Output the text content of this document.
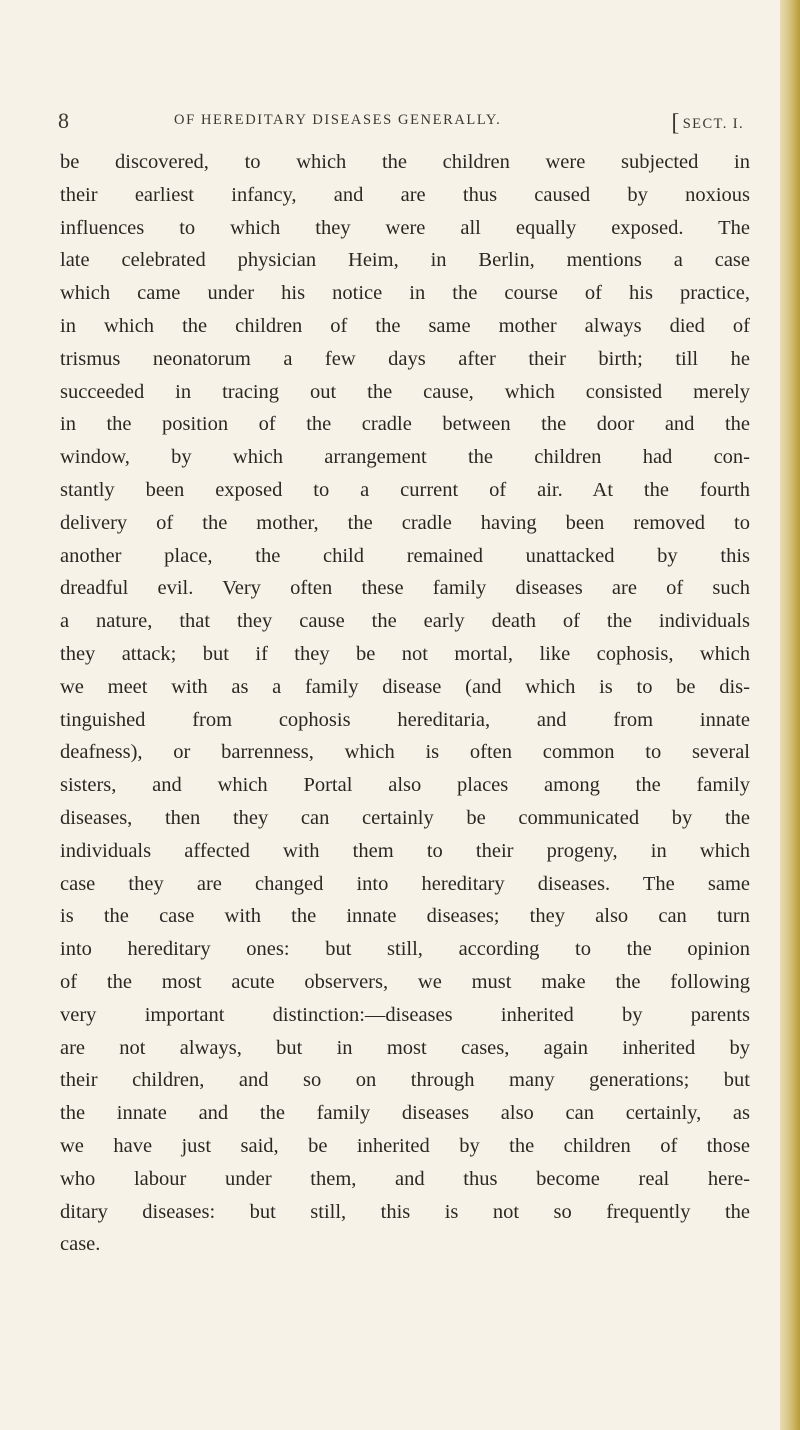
8	OF HEREDITARY DISEASES GENERALLY.	[ SECT. I.
be discovered, to which the children were subjected in
their earliest infancy, and are thus caused by noxious
influences to which they were all equally exposed. The
late celebrated physician Heim, in Berlin, mentions a case
which came under his notice in the course of his practice,
in which the children of the same mother always died of
trismus neonatorum a few days after their birth; till he
succeeded in tracing out the cause, which consisted merely
in the position of the cradle between the door and the
window, by which arrangement the children had con-
stantly been exposed to a current of air. At the fourth
delivery of the mother, the cradle having been removed to
another place, the child remained unattacked by this
dreadful evil. Very often these family diseases are of such
a nature, that they cause the early death of the individuals
they attack; but if they be not mortal, like cophosis, which
we meet with as a family disease (and which is to be dis-
tinguished from cophosis hereditaria, and from innate
deafness), or barrenness, which is often common to several
sisters, and which Portal also places among the family
diseases, then they can certainly be communicated by the
individuals affected with them to their progeny, in which
case they are changed into hereditary diseases. The same
is the case with the innate diseases; they also can turn
into hereditary ones: but still, according to the opinion
of the most acute observers, we must make the following
very important distinction:—diseases inherited by parents
are not always, but in most cases, again inherited by
their children, and so on through many generations; but
the innate and the family diseases also can certainly, as
we have just said, be inherited by the children of those
who labour under them, and thus become real here-
ditary diseases: but still, this is not so frequently the
case.
